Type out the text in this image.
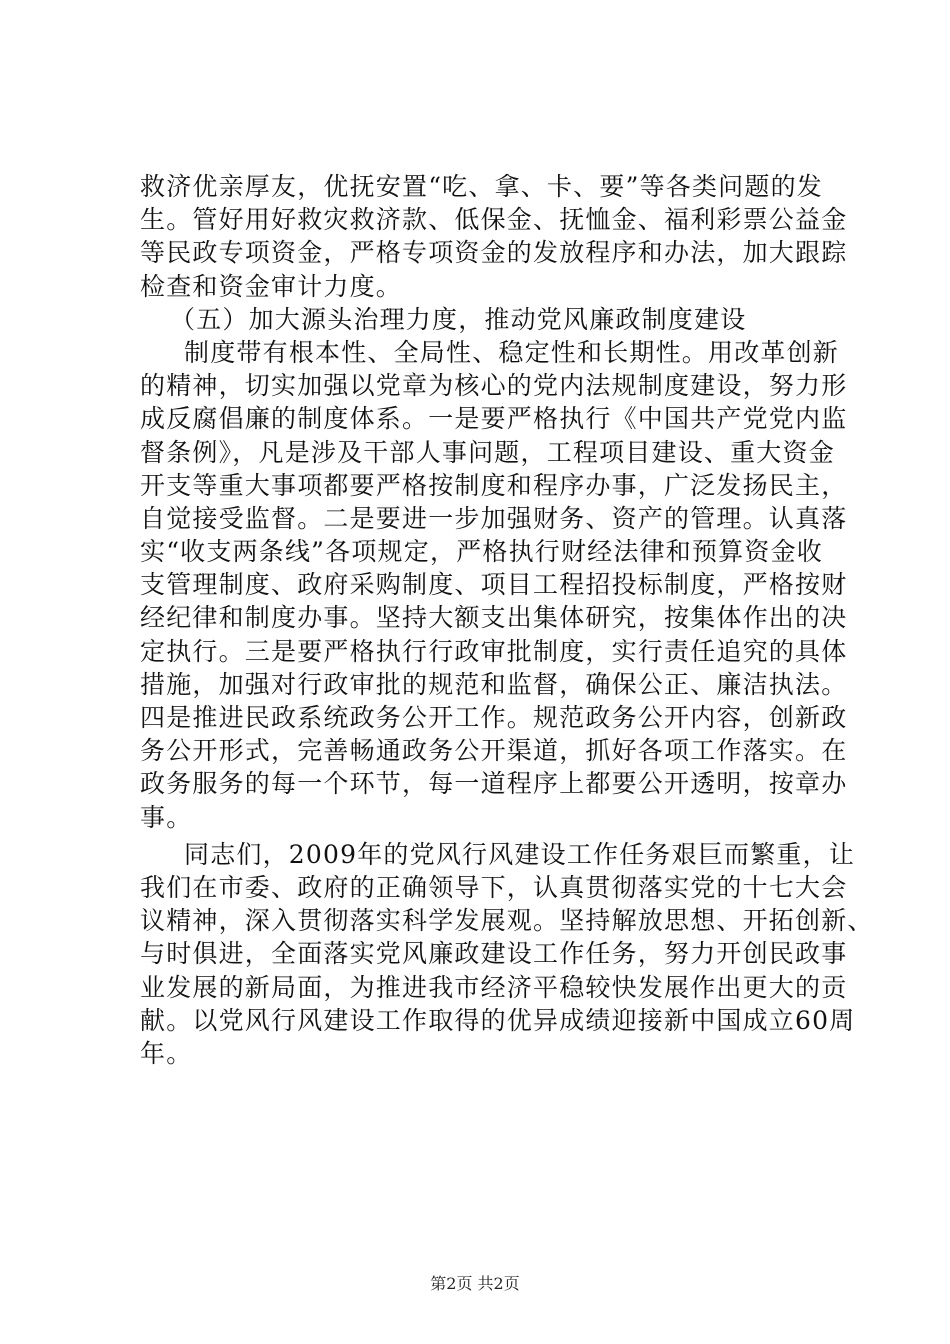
救济优亲厚友，优抚安置“吃、拿、卡、要”等各类问题的发
生。管好用好救灾救济款、低保金、抚恤金、福利彩票公益金
等民政专项资金，严格专项资金的发放程序和办法，加大跟踪
检查和资金审计力度。
（五）加大源头治理力度，推动党风廉政制度建设
制度带有根本性、全局性、稳定性和长期性。用改革创新
的精神，切实加强以党章为核心的党内法规制度建设，努力形
成反腐倡廉的制度体系。一是要严格执行《中国共产党党内监
督条例》，凡是涉及干部人事问题，工程项目建设、重大资金
开支等重大事项都要严格按制度和程序办事，广泛发扬民主，
自觉接受监督。二是要进一步加强财务、资产的管理。认真落
实“收支两条线”各项规定，严格执行财经法律和预算资金收
支管理制度、政府采购制度、项目工程招投标制度，严格按财
经纪律和制度办事。坚持大额支出集体研究，按集体作出的决
定执行。三是要严格执行行政审批制度，实行责任追究的具体
措施，加强对行政审批的规范和监督，确保公正、廉洁执法。
四是推进民政系统政务公开工作。规范政务公开内容，创新政
务公开形式，完善畅通政务公开渠道，抓好各项工作落实。在
政务服务的每一个环节，每一道程序上都要公开透明，按章办
事。
同志们，2009年的党风行风建设工作任务艰巨而繁重，让
我们在市委、政府的正确领导下，认真贯彻落实党的十七大会
议精神，深入贯彻落实科学发展观。坚持解放思想、开拓创新、
与时俱进，全面落实党风廉政建设工作任务，努力开创民政事
业发展的新局面，为推进我市经济平稳较快发展作出更大的贡
献。以党风行风建设工作取得的优异成绩迎接新中国成立60周
年。
第2页 共2页
